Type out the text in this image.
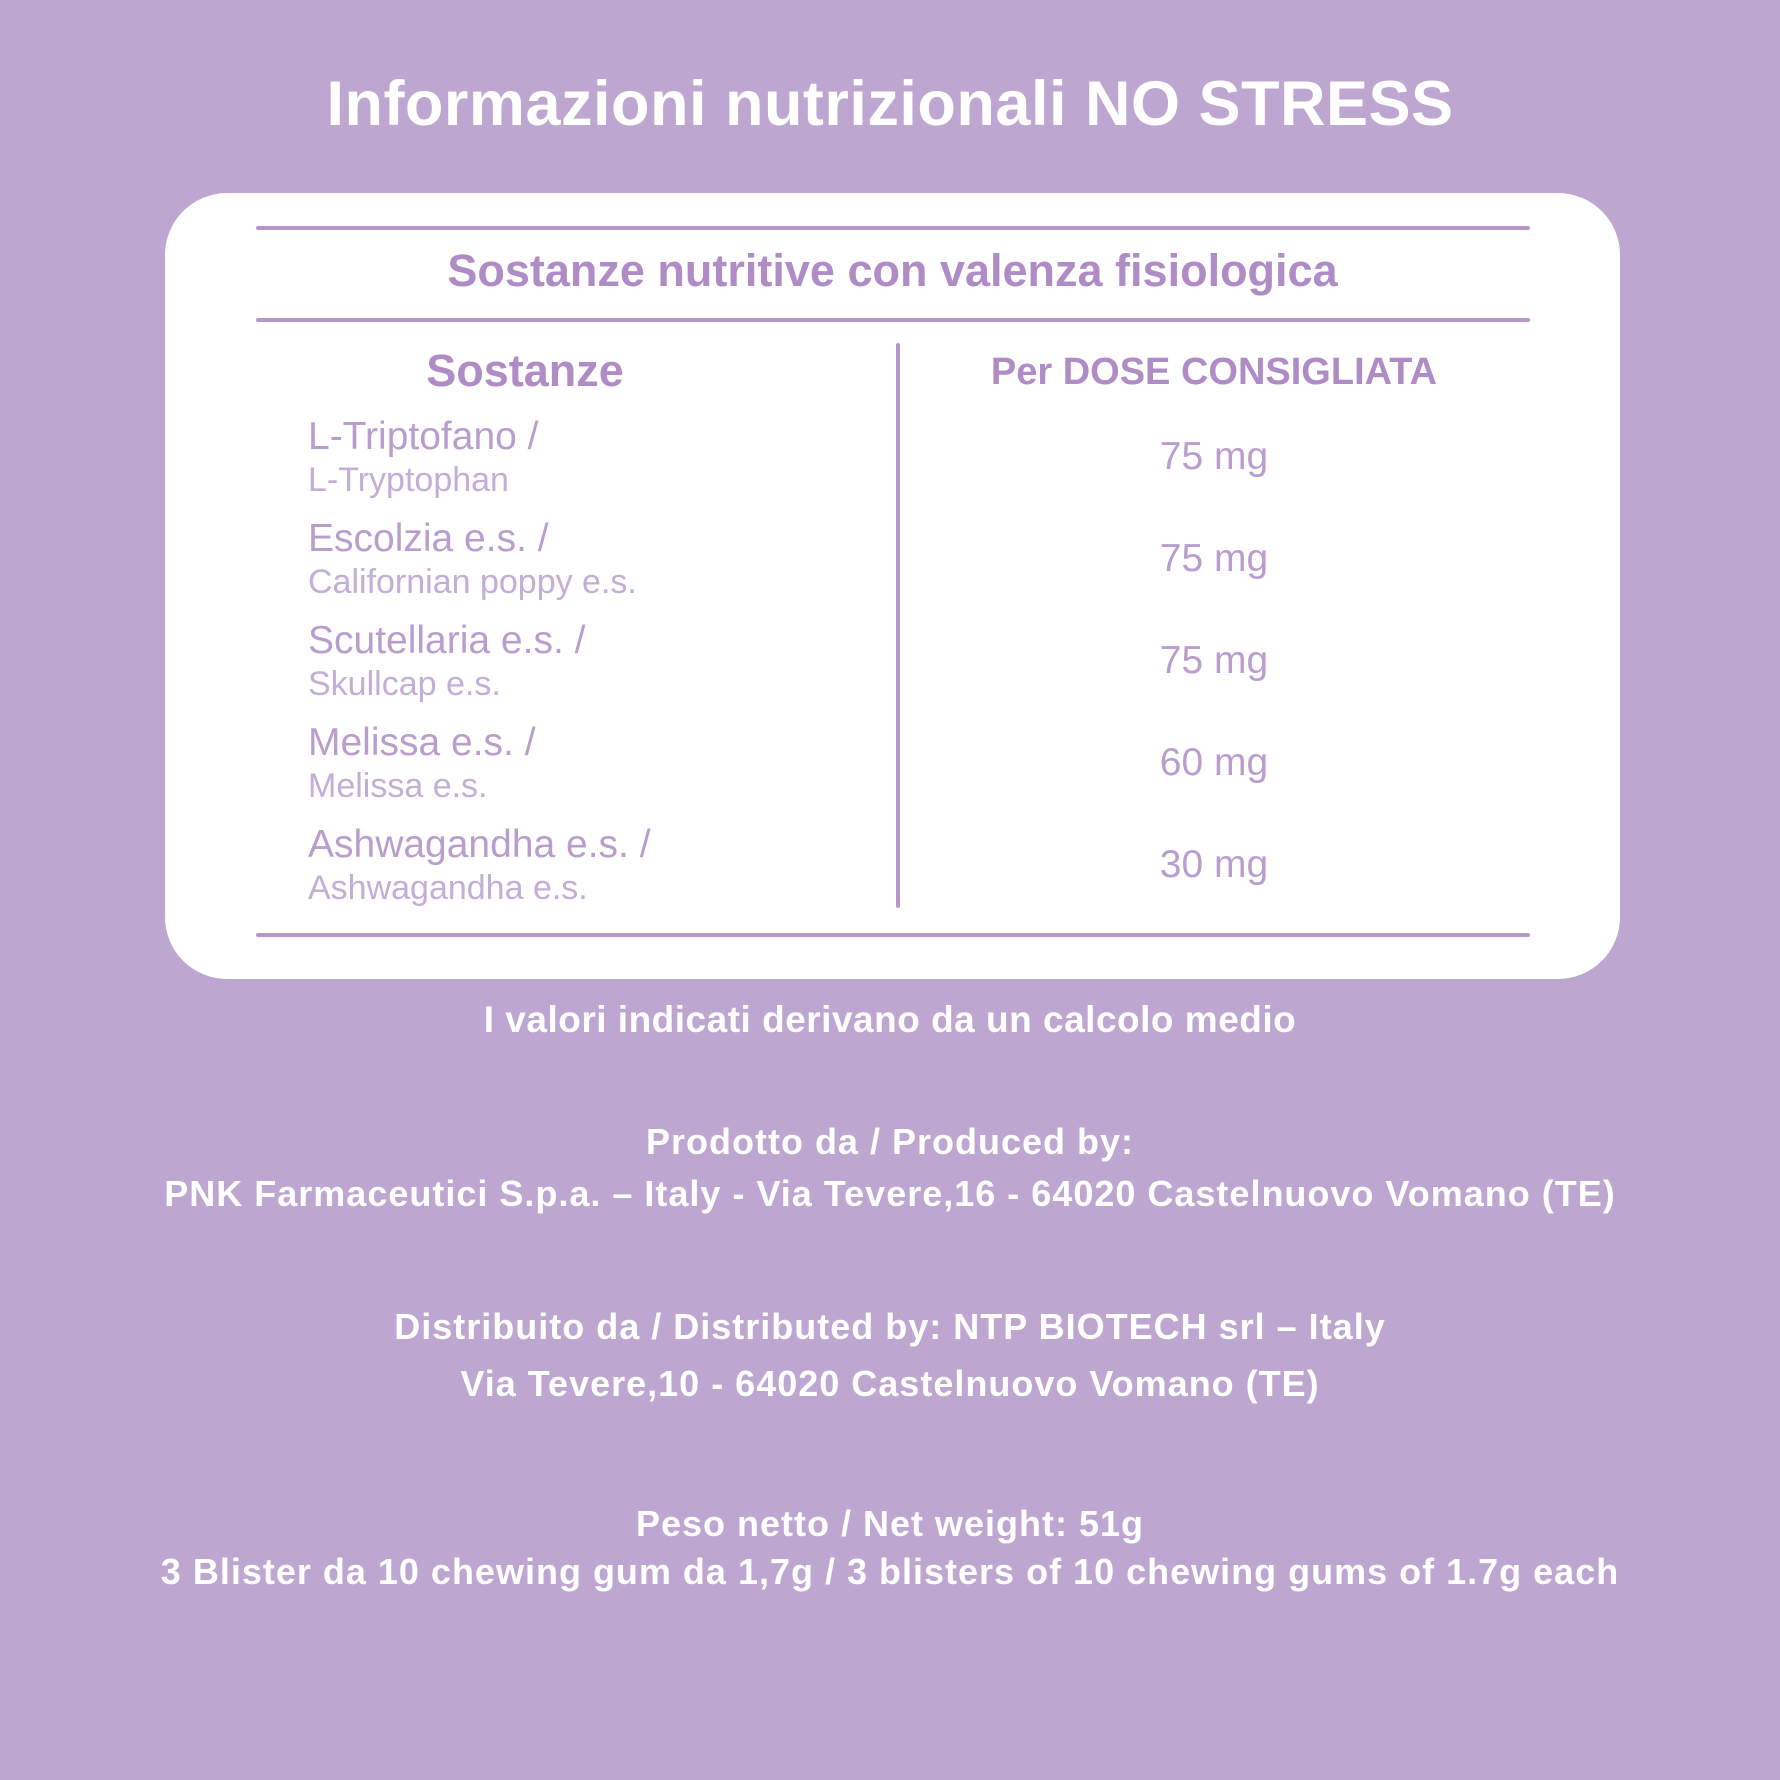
Informazioni nutrizionali NO STRESS
Sostanze nutritive con valenza fisiologica
Sostanze	Per DOSE CONSIGLIATA
L-Triptofano /
L-Tryptophan
75 mg
Escolzia e.s. /
Californian poppy e.s.
75 mg
Scutellaria e.s. /
Skullcap e.s.
75 mg
Melissa e.s. /
Melissa e.s.
60 mg
Ashwagandha e.s. /
Ashwagandha e.s.
30 mg

I valori indicati derivano da un calcolo medio

Prodotto da / Produced by:

PNK Farmaceutici S.p.a. – Italy - Via Tevere,16 - 64020 Castelnuovo Vomano (TE)

Distribuito da / Distributed by: NTP BIOTECH srl – Italy

Via Tevere,10 - 64020 Castelnuovo Vomano (TE)

Peso netto / Net weight: 51g

3 Blister da 10 chewing gum da 1,7g / 3 blisters of 10 chewing gums of 1.7g each
